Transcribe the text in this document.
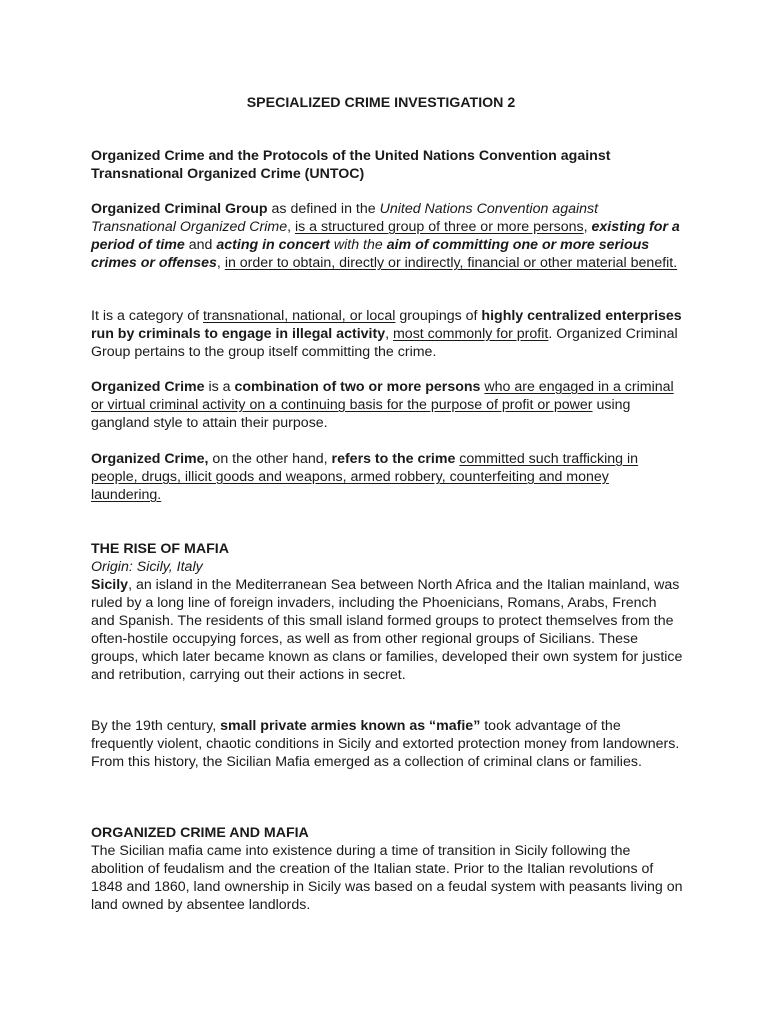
SPECIALIZED CRIME INVESTIGATION 2

Organized Crime and the Protocols of the United Nations Convention against Transnational Organized Crime (UNTOC)

Organized Criminal Group as defined in the United Nations Convention against Transnational Organized Crime, is a structured group of three or more persons, existing for a period of time and acting in concert with the aim of committing one or more serious crimes or offenses, in order to obtain, directly or indirectly, financial or other material benefit.

It is a category of transnational, national, or local groupings of highly centralized enterprises run by criminals to engage in illegal activity, most commonly for profit. Organized Criminal Group pertains to the group itself committing the crime.

Organized Crime is a combination of two or more persons who are engaged in a criminal or virtual criminal activity on a continuing basis for the purpose of profit or power using gangland style to attain their purpose.

Organized Crime, on the other hand, refers to the crime committed such trafficking in people, drugs, illicit goods and weapons, armed robbery, counterfeiting and money laundering.

THE RISE OF MAFIA
Origin: Sicily, Italy
Sicily, an island in the Mediterranean Sea between North Africa and the Italian mainland, was ruled by a long line of foreign invaders, including the Phoenicians, Romans, Arabs, French and Spanish. The residents of this small island formed groups to protect themselves from the often-hostile occupying forces, as well as from other regional groups of Sicilians. These groups, which later became known as clans or families, developed their own system for justice and retribution, carrying out their actions in secret.

By the 19th century, small private armies known as “mafie” took advantage of the frequently violent, chaotic conditions in Sicily and extorted protection money from landowners. From this history, the Sicilian Mafia emerged as a collection of criminal clans or families.

ORGANIZED CRIME AND MAFIA
The Sicilian mafia came into existence during a time of transition in Sicily following the abolition of feudalism and the creation of the Italian state. Prior to the Italian revolutions of 1848 and 1860, land ownership in Sicily was based on a feudal system with peasants living on land owned by absentee landlords.
